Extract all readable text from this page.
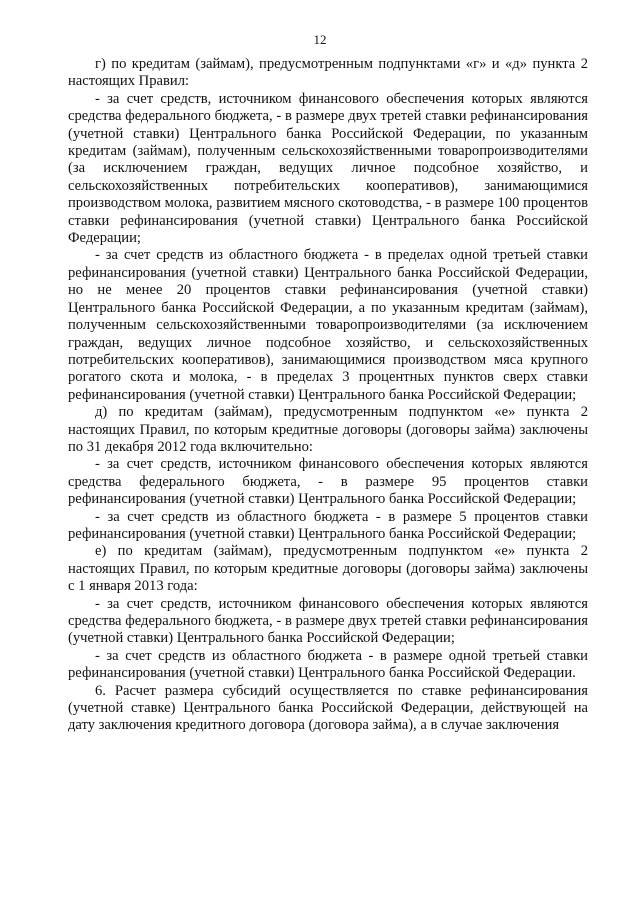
12

г) по кредитам (займам), предусмотренным подпунктами «г» и «д» пункта 2 настоящих Правил:

- за счет средств, источником финансового обеспечения которых являются средства федерального бюджета, - в размере двух третей ставки рефинансирования (учетной ставки) Центрального банка Российской Федерации, по указанным кредитам (займам), полученным сельскохозяйственными товаропроизводителями (за исключением граждан, ведущих личное подсобное хозяйство, и сельскохозяйственных потребительских кооперативов), занимающимися производством молока, развитием мясного скотоводства, - в размере 100 процентов ставки рефинансирования (учетной ставки) Центрального банка Российской Федерации;

- за счет средств из областного бюджета - в пределах одной третьей ставки рефинансирования (учетной ставки) Центрального банка Российской Федерации, но не менее 20 процентов ставки рефинансирования (учетной ставки) Центрального банка Российской Федерации, а по указанным кредитам (займам), полученным сельскохозяйственными товаропроизводителями (за исключением граждан, ведущих личное подсобное хозяйство, и сельскохозяйственных потребительских кооперативов), занимающимися производством мяса крупного рогатого скота и молока, - в пределах 3 процентных пунктов сверх ставки рефинансирования (учетной ставки) Центрального банка Российской Федерации;

д) по кредитам (займам), предусмотренным подпунктом «е» пункта 2 настоящих Правил, по которым кредитные договоры (договоры займа) заключены по 31 декабря 2012 года включительно:

- за счет средств, источником финансового обеспечения которых являются средства федерального бюджета, - в размере 95 процентов ставки рефинансирования (учетной ставки) Центрального банка Российской Федерации;

- за счет средств из областного бюджета - в размере 5 процентов ставки рефинансирования (учетной ставки) Центрального банка Российской Федерации;

е) по кредитам (займам), предусмотренным подпунктом «е» пункта 2 настоящих Правил, по которым кредитные договоры (договоры займа) заключены с 1 января 2013 года:

- за счет средств, источником финансового обеспечения которых являются средства федерального бюджета, - в размере двух третей ставки рефинансирования (учетной ставки) Центрального банка Российской Федерации;

- за счет средств из областного бюджета - в размере одной третьей ставки рефинансирования (учетной ставки) Центрального банка Российской Федерации.

6. Расчет размера субсидий осуществляется по ставке рефинансирования (учетной ставке) Центрального банка Российской Федерации, действующей на дату заключения кредитного договора (договора займа), а в случае заключения
